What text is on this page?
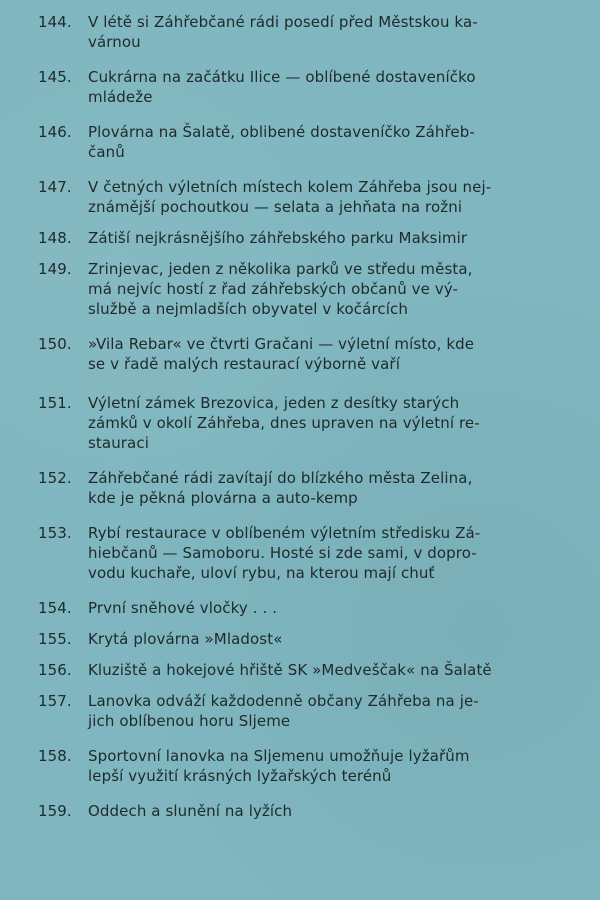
144.	V létě si Záhřebčané rádi posedí před Městskou ka-
várnou
145.	Cukrárna na začátku Ilice — oblíbené dostaveníčko
mládeže
146.	Plovárna na Šalatě, oblibené dostaveníčko Záhřeb-
čanů
147.	V četných výletních místech kolem Záhřeba jsou nej-
známější pochoutkou — selata a jehňata na rožni
148.	Zátiší nejkrásnějšího záhřebského parku Maksimir
149.	Zrinjevac, jeden z několika parků ve středu města,
má nejvíc hostí z řad záhřebských občanů ve vý-
službě a nejmladších obyvatel v kočárcích
150.	»Vila Rebar« ve čtvrti Gračani — výletní místo, kde
se v řadě malých restaurací výborně vaří
151.	Výletní zámek Brezovica, jeden z desítky starých
zámků v okolí Záhřeba, dnes upraven na výletní re-
stauraci
152.	Záhřebčané rádi zavítají do blízkého města Zelina,
kde je pěkná plovárna a auto-kemp
153.	Rybí restaurace v oblíbeném výletním středisku Zá-
hiebčanů — Samoboru. Hosté si zde sami, v dopro-
vodu kuchaře, uloví rybu, na kterou mají chuť
154.	První sněhové vločky . . .
155.	Krytá plovárna »Mladost«
156.	Kluziště a hokejové hřiště SK »Medveščak« na Šalatě
157.	Lanovka odváží každodenně občany Záhřeba na je-
jich oblíbenou horu Sljeme
158.	Sportovní lanovka na Sljemenu umožňuje lyžařům
lepší využití krásných lyžařských terénů
159.	Oddech a slunění na lyžích
